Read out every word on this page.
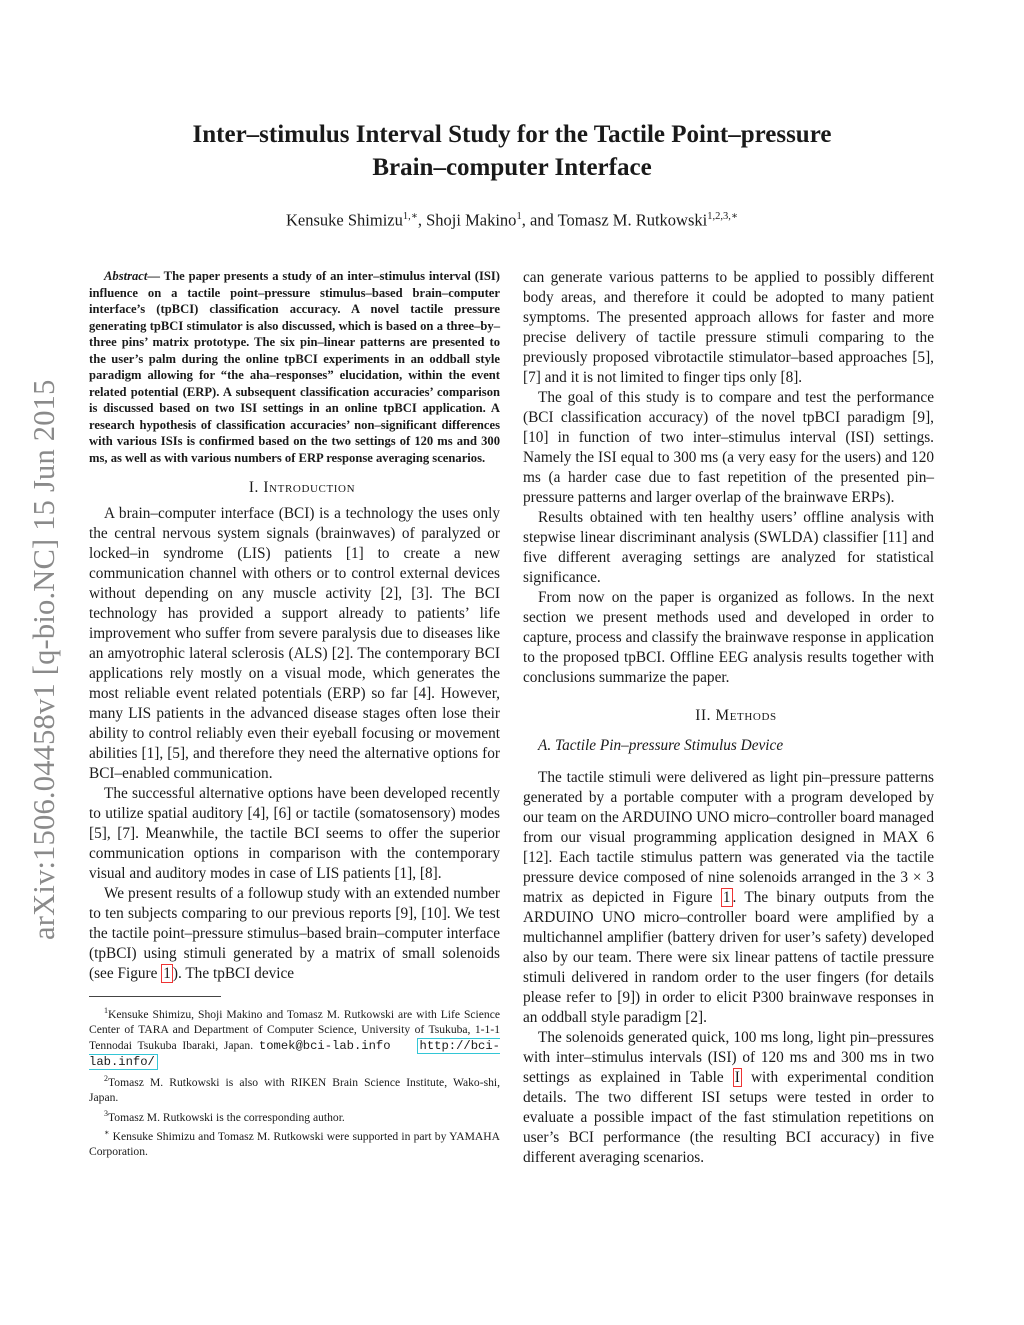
arXiv:1506.04458v1 [q-bio.NC] 15 Jun 2015
Inter–stimulus Interval Study for the Tactile Point–pressure
Brain–computer Interface
Kensuke Shimizu$^{1,∗}$, Shoji Makino$^1$, and Tomasz M. Rutkowski$^{1,2,3,∗}$

Abstract— The paper presents a study of an inter–stimulus interval (ISI) influence on a tactile point–pressure stimulus–based brain–computer interface’s (tpBCI) classification accuracy. A novel tactile pressure generating tpBCI stimulator is also discussed, which is based on a three–by–three pins’ matrix prototype. The six pin–linear patterns are presented to the user’s palm during the online tpBCI experiments in an oddball style paradigm allowing for “the aha–responses” elucidation, within the event related potential (ERP). A subsequent classification accuracies’ comparison is discussed based on two ISI settings in an online tpBCI application. A research hypothesis of classification accuracies’ non–significant differences with various ISIs is confirmed based on the two settings of 120 ms and 300 ms, as well as with various numbers of ERP response averaging scenarios.

I. Introduction

A brain–computer interface (BCI) is a technology the uses only the central nervous system signals (brainwaves) of paralyzed or locked–in syndrome (LIS) patients [1] to create a new communication channel with others or to control external devices without depending on any muscle activity [2], [3]. The BCI technology has provided a support already to patients’ life improvement who suffer from severe paralysis due to diseases like an amyotrophic lateral sclerosis (ALS) [2]. The contemporary BCI applications rely mostly on a visual mode, which generates the most reliable event related potentials (ERP) so far [4]. However, many LIS patients in the advanced disease stages often lose their ability to control reliably even their eyeball focusing or movement abilities [1], [5], and therefore they need the alternative options for BCI–enabled communication.

The successful alternative options have been developed recently to utilize spatial auditory [4], [6] or tactile (somatosensory) modes [5], [7]. Meanwhile, the tactile BCI seems to offer the superior communication options in comparison with the contemporary visual and auditory modes in case of LIS patients [1], [8].

We present results of a followup study with an extended number to ten subjects comparing to our previous reports [9], [10]. We test the tactile point–pressure stimulus–based brain–computer interface (tpBCI) using stimuli generated by a matrix of small solenoids (see Figure 1 ). The tpBCI device

$^1$Kensuke Shimizu, Shoji Makino and Tomasz M. Rutkowski are with Life Science Center of TARA and Department of Computer Science, University of Tsukuba, 1-1-1 Tennodai Tsukuba Ibaraki, Japan. tomek@bci-lab.info http://bci-lab.info/

$^2$Tomasz M. Rutkowski is also with RIKEN Brain Science Institute, Wako-shi, Japan.

$^3$Tomasz M. Rutkowski is the corresponding author.

∗ Kensuke Shimizu and Tomasz M. Rutkowski were supported in part by YAMAHA Corporation.

can generate various patterns to be applied to possibly different body areas, and therefore it could be adopted to many patient symptoms. The presented approach allows for faster and more precise delivery of tactile pressure stimuli comparing to the previously proposed vibrotactile stimulator–based approaches [5], [7] and it is not limited to finger tips only [8].

The goal of this study is to compare and test the performance (BCI classification accuracy) of the novel tpBCI paradigm [9], [10] in function of two inter–stimulus interval (ISI) settings. Namely the ISI equal to 300 ms (a very easy for the users) and 120 ms (a harder case due to fast repetition of the presented pin–pressure patterns and larger overlap of the brainwave ERPs).

Results obtained with ten healthy users’ offline analysis with stepwise linear discriminant analysis (SWLDA) classifier [11] and five different averaging settings are analyzed for statistical significance.

From now on the paper is organized as follows. In the next section we present methods used and developed in order to capture, process and classify the brainwave response in application to the proposed tpBCI. Offline EEG analysis results together with conclusions summarize the paper.

II. Methods

A. Tactile Pin–pressure Stimulus Device

The tactile stimuli were delivered as light pin–pressure patterns generated by a portable computer with a program developed by our team on the ARDUINO UNO micro–controller board managed from our visual programming application designed in MAX 6 [12]. Each tactile stimulus pattern was generated via the tactile pressure device composed of nine solenoids arranged in the 3 × 3 matrix as depicted in Figure 1 . The binary outputs from the ARDUINO UNO micro–controller board were amplified by a multichannel amplifier (battery driven for user’s safety) developed also by our team. There were six linear pattens of tactile pressure stimuli delivered in random order to the user fingers (for details please refer to [9]) in order to elicit P300 brainwave responses in an oddball style paradigm [2].

The solenoids generated quick, 100 ms long, light pin–pressures with inter–stimulus intervals (ISI) of 120 ms and 300 ms in two settings as explained in Table I with experimental condition details. The two different ISI setups were tested in order to evaluate a possible impact of the fast stimulation repetitions on user’s BCI performance (the resulting BCI accuracy) in five different averaging scenarios.
